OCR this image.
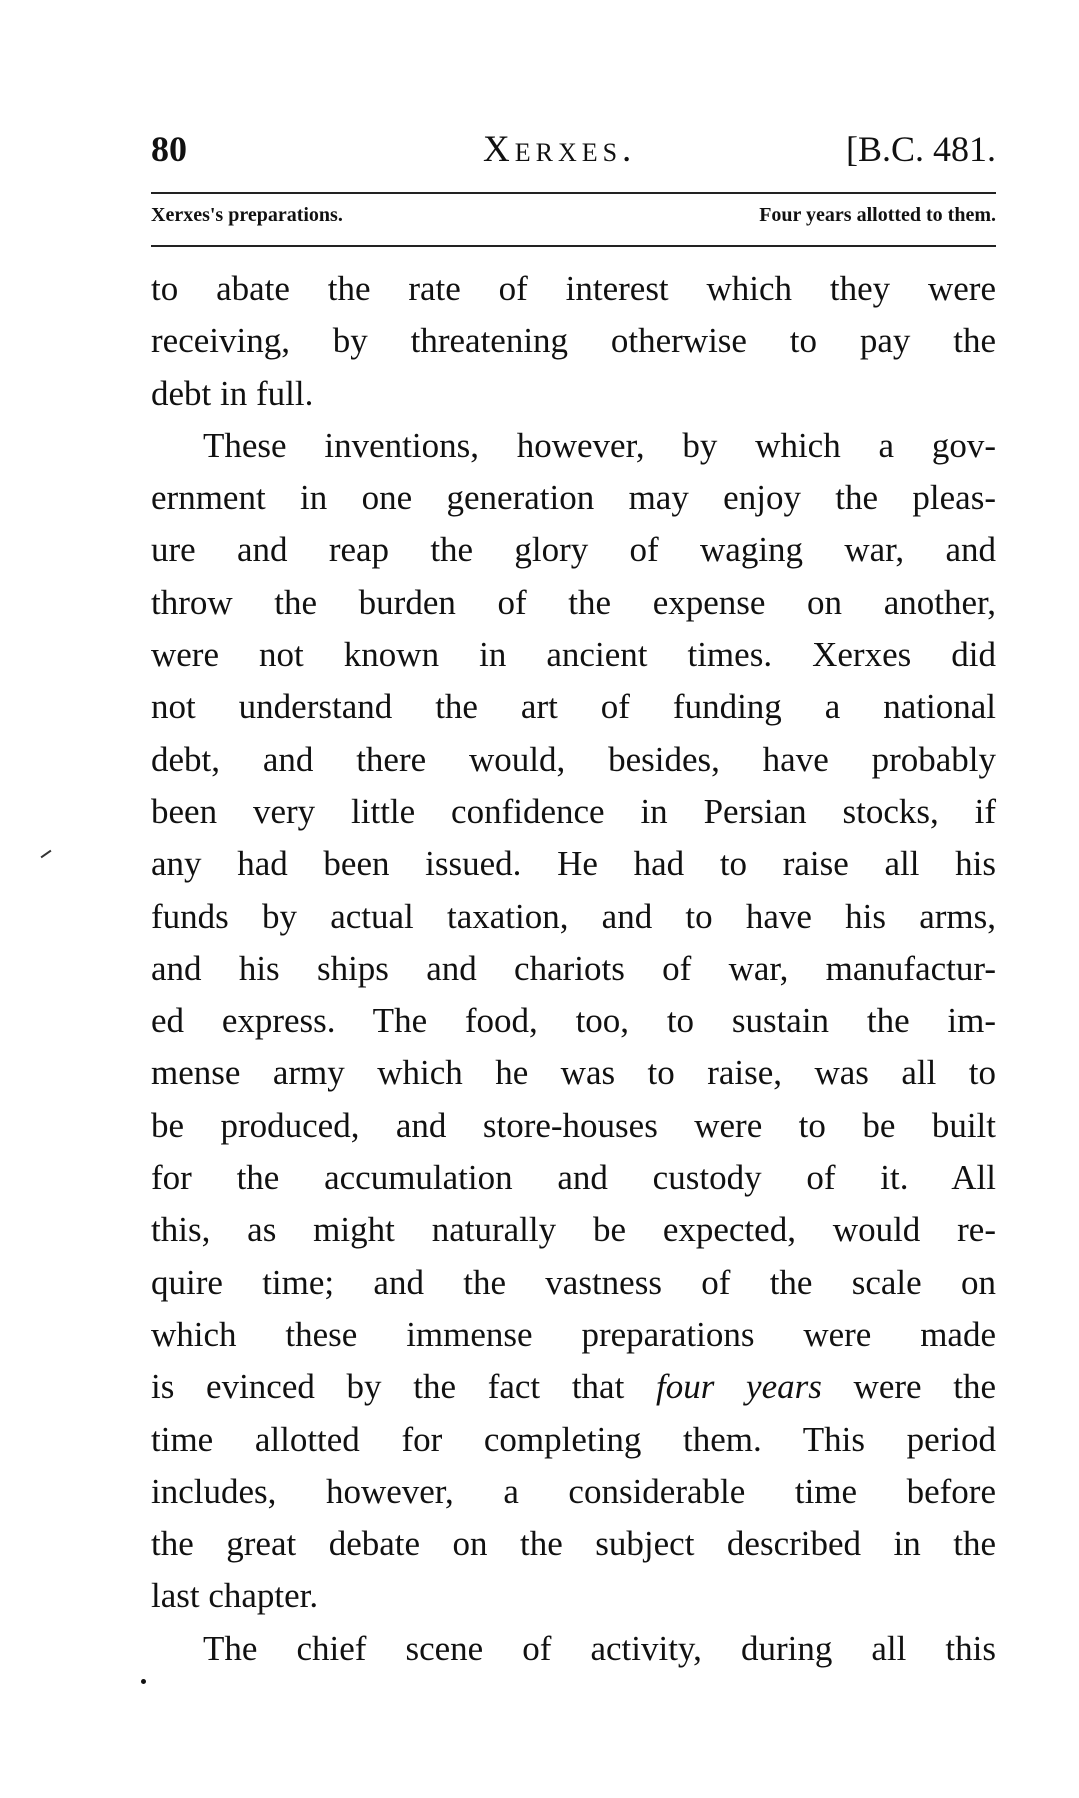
80	Xerxes.	[B.C. 481.
Xerxes's preparations.	Four years allotted to them.
to abate the rate of interest which they were
receiving, by threatening otherwise to pay the
debt in full.
These inventions, however, by which a gov-
ernment in one generation may enjoy the pleas-
ure and reap the glory of waging war, and
throw the burden of the expense on another,
were not known in ancient times. Xerxes did
not understand the art of funding a national
debt, and there would, besides, have probably
been very little confidence in Persian stocks, if
any had been issued. He had to raise all his
funds by actual taxation, and to have his arms,
and his ships and chariots of war, manufactur-
ed express. The food, too, to sustain the im-
mense army which he was to raise, was all to
be produced, and store-houses were to be built
for the accumulation and custody of it. All
this, as might naturally be expected, would re-
quire time; and the vastness of the scale on
which these immense preparations were made
is evinced by the fact that four years were the
time allotted for completing them. This period
includes, however, a considerable time before
the great debate on the subject described in the
last chapter.
The chief scene of activity, during all this
